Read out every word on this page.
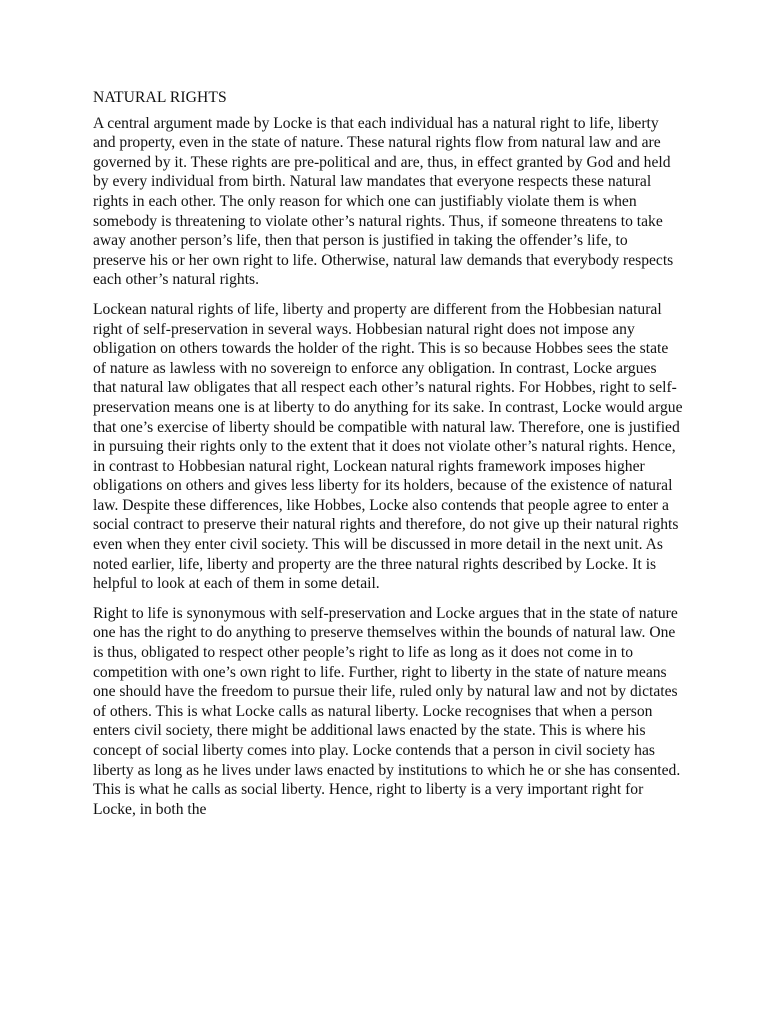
NATURAL RIGHTS

A central argument made by Locke is that each individual has a natural right to life, liberty and property, even in the state of nature. These natural rights flow from natural law and are governed by it. These rights are pre-political and are, thus, in effect granted by God and held by every individual from birth. Natural law mandates that everyone respects these natural rights in each other. The only reason for which one can justifiably violate them is when somebody is threatening to violate other’s natural rights. Thus, if someone threatens to take away another person’s life, then that person is justified in taking the offender’s life, to preserve his or her own right to life. Otherwise, natural law demands that everybody respects each other’s natural rights.

Lockean natural rights of life, liberty and property are different from the Hobbesian natural right of self-preservation in several ways. Hobbesian natural right does not impose any obligation on others towards the holder of the right. This is so because Hobbes sees the state of nature as lawless with no sovereign to enforce any obligation. In contrast, Locke argues that natural law obligates that all respect each other’s natural rights. For Hobbes, right to self-preservation means one is at liberty to do anything for its sake. In contrast, Locke would argue that one’s exercise of liberty should be compatible with natural law. Therefore, one is justified in pursuing their rights only to the extent that it does not violate other’s natural rights. Hence, in contrast to Hobbesian natural right, Lockean natural rights framework imposes higher obligations on others and gives less liberty for its holders, because of the existence of natural law. Despite these differences, like Hobbes, Locke also contends that people agree to enter a social contract to preserve their natural rights and therefore, do not give up their natural rights even when they enter civil society. This will be discussed in more detail in the next unit. As noted earlier, life, liberty and property are the three natural rights described by Locke. It is helpful to look at each of them in some detail.

Right to life is synonymous with self-preservation and Locke argues that in the state of nature one has the right to do anything to preserve themselves within the bounds of natural law. One is thus, obligated to respect other people’s right to life as long as it does not come in to competition with one’s own right to life. Further, right to liberty in the state of nature means one should have the freedom to pursue their life, ruled only by natural law and not by dictates of others. This is what Locke calls as natural liberty. Locke recognises that when a person enters civil society, there might be additional laws enacted by the state. This is where his concept of social liberty comes into play. Locke contends that a person in civil society has liberty as long as he lives under laws enacted by institutions to which he or she has consented. This is what he calls as social liberty. Hence, right to liberty is a very important right for Locke, in both the
